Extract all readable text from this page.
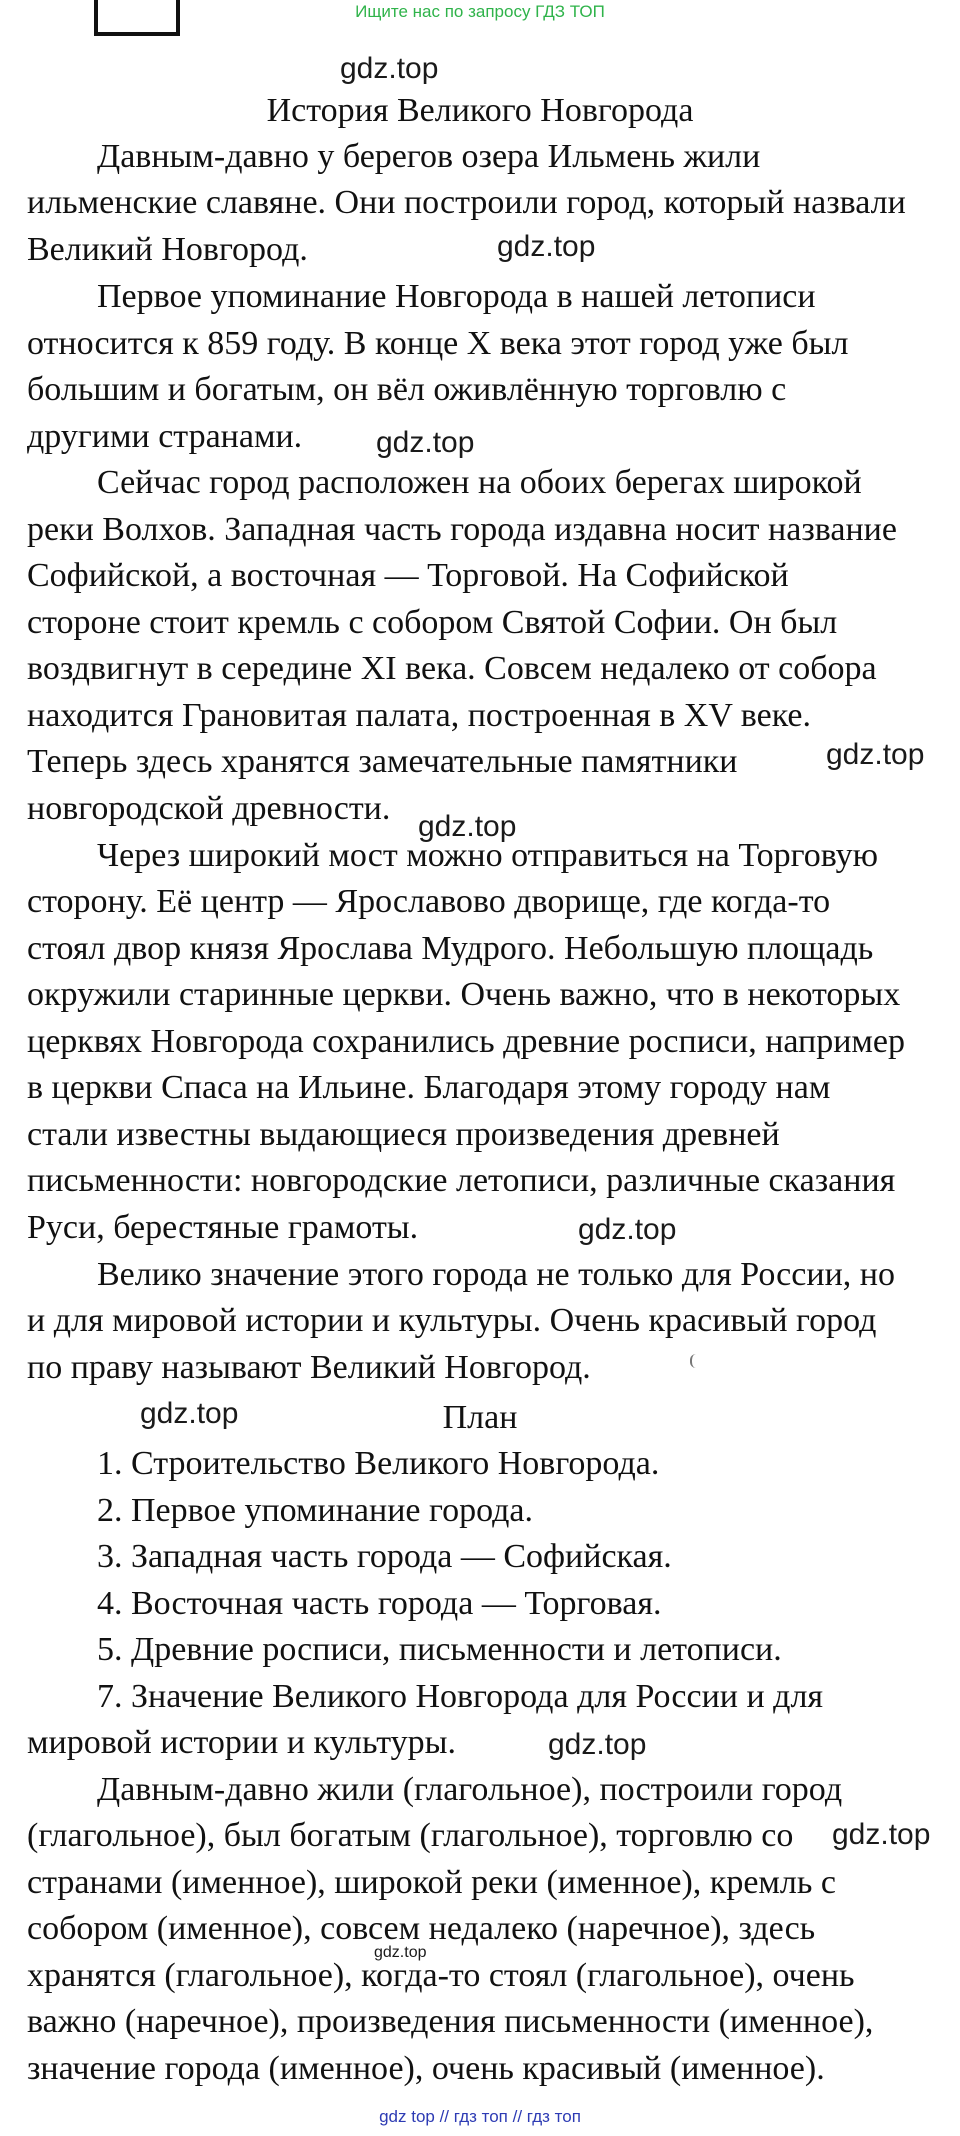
Ищите нас по запросу ГДЗ ТОП
gdz.top
История Великого Новгорода
Давным-давно у берегов озера Ильмень жили
ильменские славяне. Они построили город, который назвали
Великий Новгород.	gdz.top
Первое упоминание Новгорода в нашей летописи
относится к 859 году. В конце X века этот город уже был
большим и богатым, он вёл оживлённую торговлю с
другими странами. gdz.top
Сейчас город расположен на обоих берегах широкой
реки Волхов. Западная часть города издавна носит название
Софийской, а восточная — Торговой. На Софийской
стороне стоит кремль с собором Святой Софии. Он был
воздвигнут в середине XI века. Совсем недалеко от собора
находится Грановитая палата, построенная в XV веке.
Теперь здесь хранятся замечательные памятники	gdz.top
новгородской древности. gdz.top
Через широкий мост можно отправиться на Торговую
сторону. Её центр — Ярославово дворище, где когда-то
стоял двор князя Ярослава Мудрого. Небольшую площадь
окружили старинные церкви. Очень важно, что в некоторых
церквях Новгорода сохранились древние росписи, например
в церкви Спаса на Ильине. Благодаря этому городу нам
стали известны выдающиеся произведения древней
письменности: новгородские летописи, различные сказания
Руси, берестяные грамоты.	gdz.top
Велико значение этого города не только для России, но
и для мировой истории и культуры. Очень красивый город
по праву называют Великий Новгород.
gdz.top	План
1. Строительство Великого Новгорода.
2. Первое упоминание города.
3. Западная часть города — Софийская.
4. Восточная часть города — Торговая.
5. Древние росписи, письменности и летописи.
7. Значение Великого Новгорода для России и для
мировой истории и культуры.	gdz.top
Давным-давно жили (глагольное), построили город
(глагольное), был богатым (глагольное), торговлю со gdz.top
странами (именное), широкой реки (именное), кремль с
собором (именное), совсем недалеко (наречное), здесь
gdz.top
хранятся (глагольное), когда-то стоял (глагольное), очень
важно (наречное), произведения письменности (именное),
значение города (именное), очень красивый (именное).
gdz top // гдз топ // гдз топ
